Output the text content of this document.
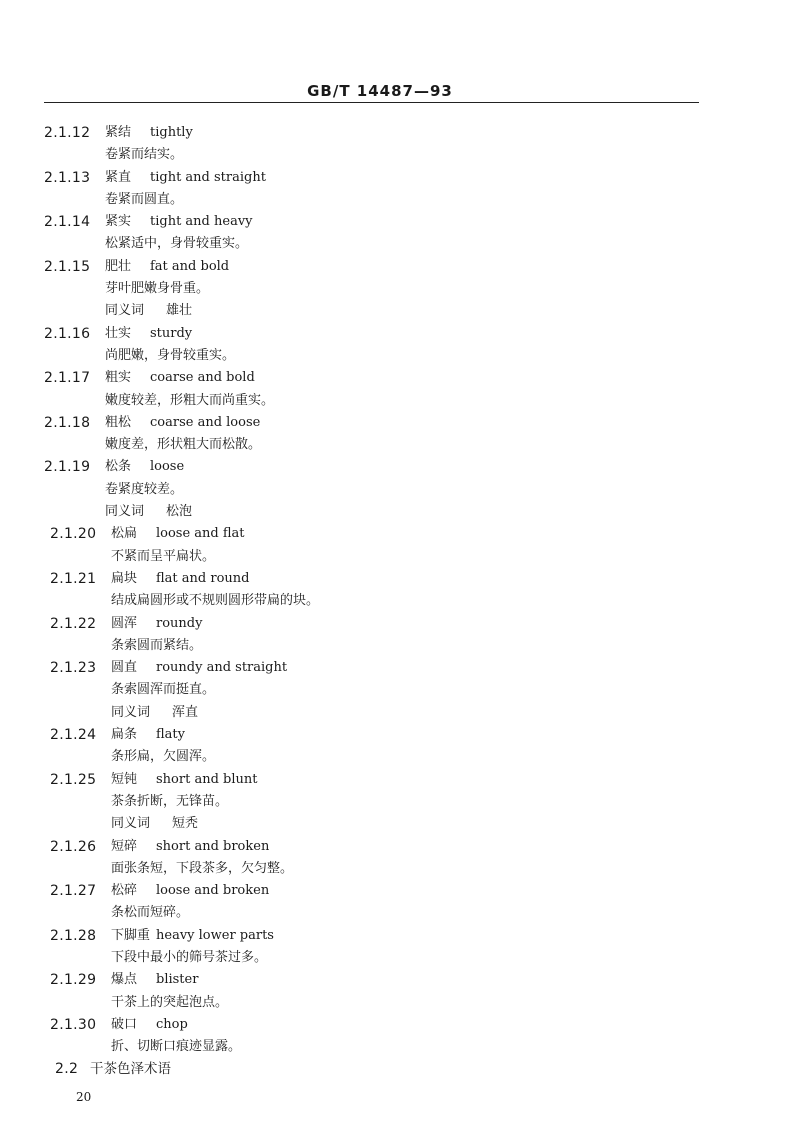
GB/T 14487—93
2.1.12 紧结 tightly
卷紧而结实。
2.1.13 紧直 tight and straight
卷紧而圆直。
2.1.14 紧实 tight and heavy
松紧适中，身骨较重实。
2.1.15 肥壮 fat and bold
芽叶肥嫩身骨重。
同义词 雄壮
2.1.16 壮实 sturdy
尚肥嫩，身骨较重实。
2.1.17 粗实 coarse and bold
嫩度较差，形粗大而尚重实。
2.1.18 粗松 coarse and loose
嫩度差，形状粗大而松散。
2.1.19 松条 loose
卷紧度较差。
同义词 松泡
2.1.20 松扁 loose and flat
不紧而呈平扁状。
2.1.21 扁块 flat and round
结成扁圆形或不规则圆形带扁的块。
2.1.22 圆浑 roundy
条索圆而紧结。
2.1.23 圆直 roundy and straight
条索圆浑而挺直。
同义词 浑直
2.1.24 扁条 flaty
条形扁，欠圆浑。
2.1.25 短钝 short and blunt
茶条折断，无锋苗。
同义词 短秃
2.1.26 短碎 short and broken
面张条短，下段茶多，欠匀整。
2.1.27 松碎 loose and broken
条松而短碎。
2.1.28 下脚重 heavy lower parts
下段中最小的筛号茶过多。
2.1.29 爆点 blister
干茶上的突起泡点。
2.1.30 破口 chop
折、切断口痕迹显露。
2.2 干茶色泽术语
20
